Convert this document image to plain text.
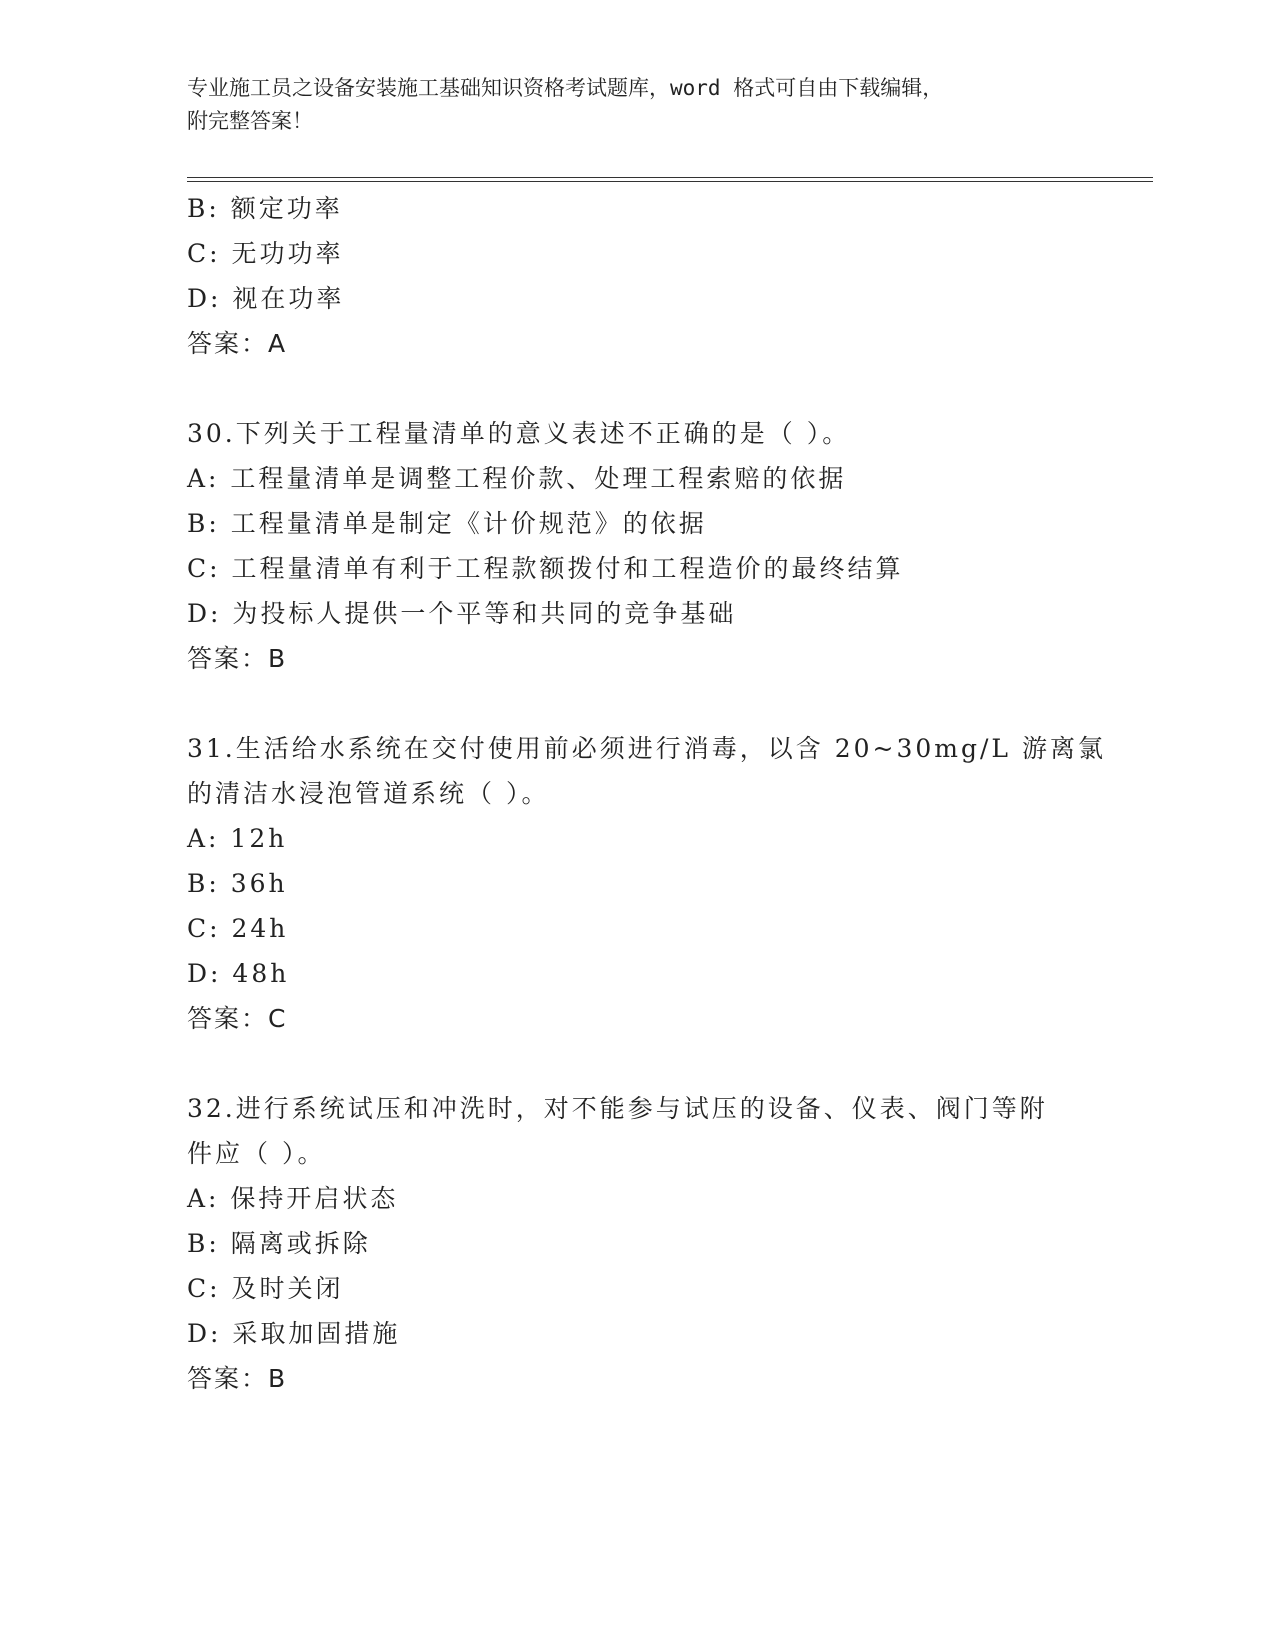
专业施工员之设备安装施工基础知识资格考试题库，word 格式可自由下载编辑，
附完整答案！
B: 额定功率
C: 无功功率
D: 视在功率
答案：A
30.下列关于工程量清单的意义表述不正确的是（ ）。
A: 工程量清单是调整工程价款、处理工程索赔的依据
B: 工程量清单是制定《计价规范》的依据
C: 工程量清单有利于工程款额拨付和工程造价的最终结算
D: 为投标人提供一个平等和共同的竞争基础
答案：B
31.生活给水系统在交付使用前必须进行消毒，以含 20~30mg/L 游离氯
的清洁水浸泡管道系统（ ）。
A: 12h
B: 36h
C: 24h
D: 48h
答案：C
32.进行系统试压和冲洗时，对不能参与试压的设备、仪表、阀门等附
件应（ ）。
A: 保持开启状态
B: 隔离或拆除
C: 及时关闭
D: 采取加固措施
答案：B
